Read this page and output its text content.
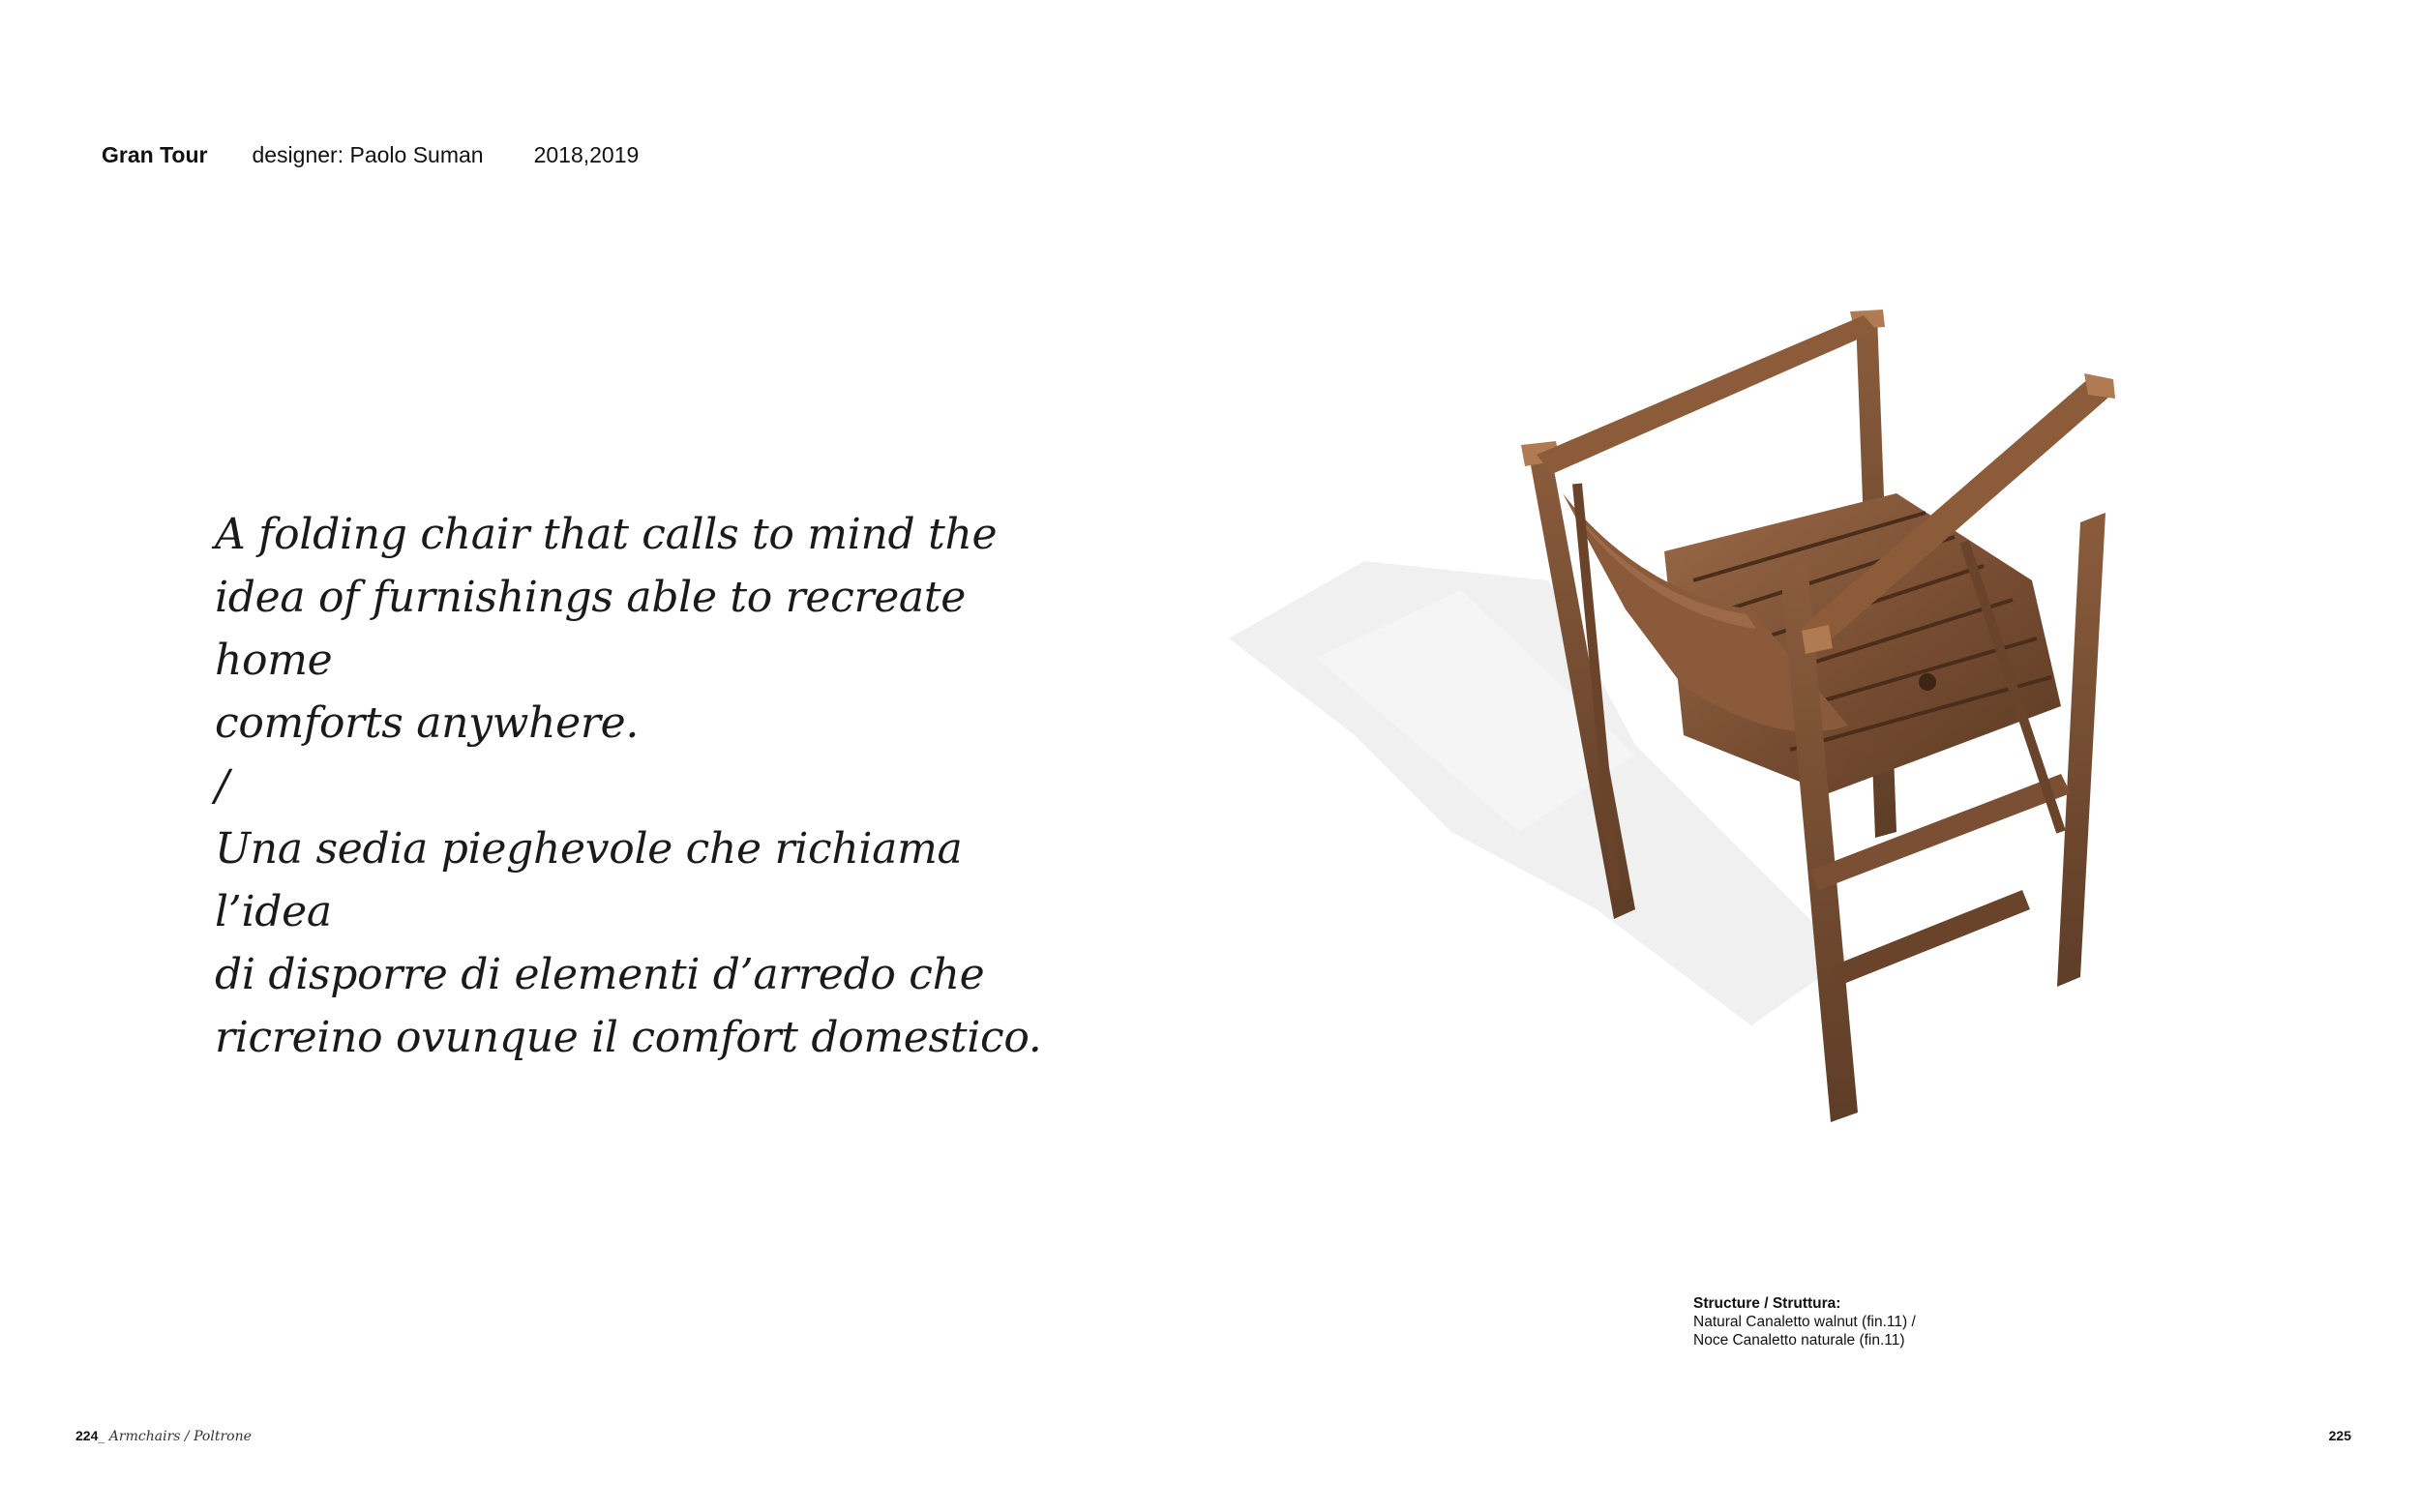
Gran Tour designer: Paolo Suman 2018,2019

A folding chair that calls to mind the

idea of furnishings able to recreate home

comforts anywhere.

/

Una sedia pieghevole che richiama l’idea

di disporre di elementi d’arredo che

ricreino ovunque il comfort domestico.

Structure / Struttura:
Natural Canaletto walnut (fin.11) /
Noce Canaletto naturale (fin.11)
224_ Armchairs / Poltrone	225
